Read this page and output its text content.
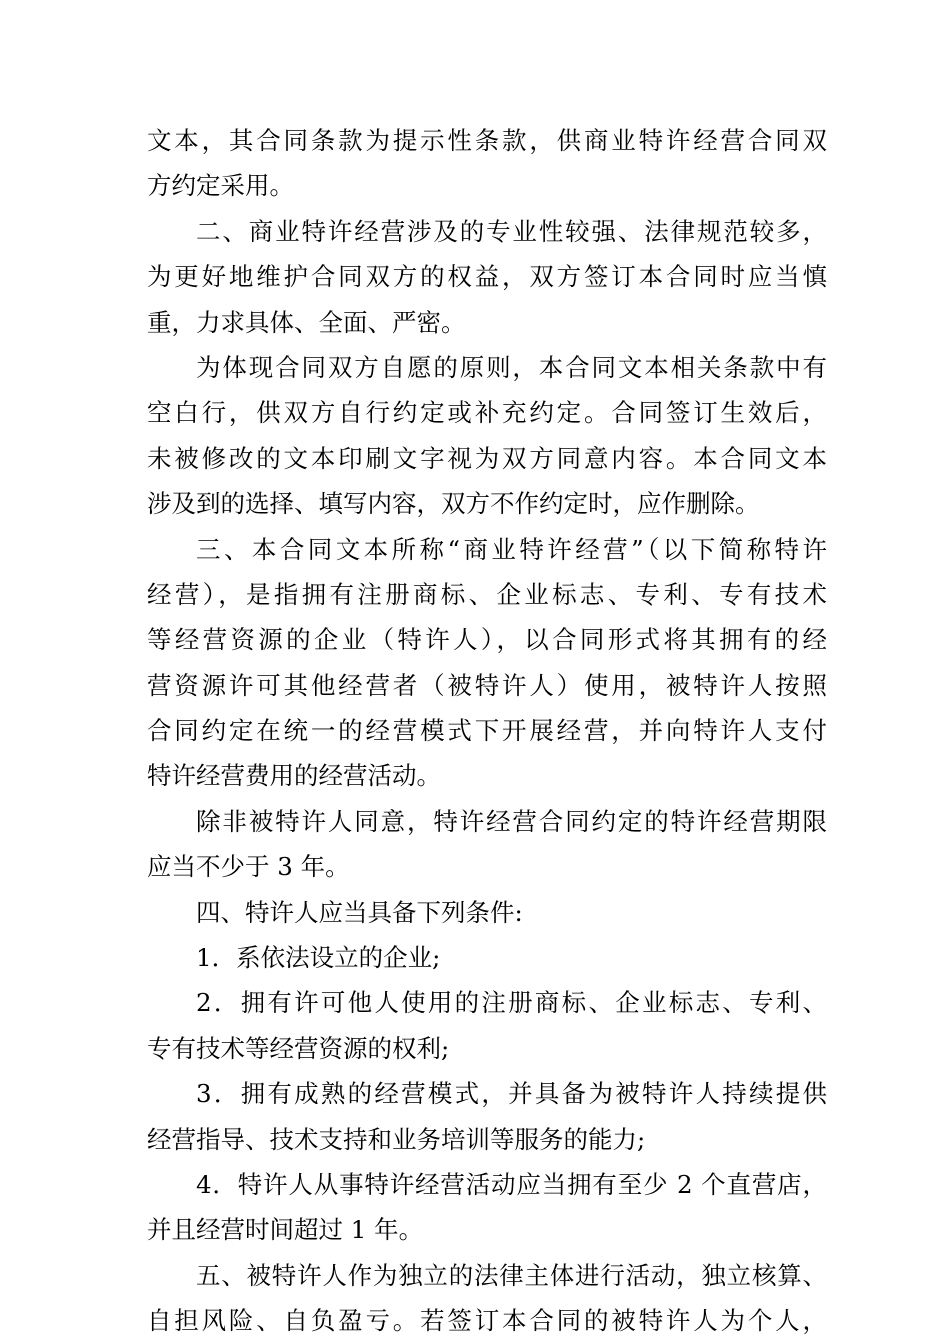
文本，其合同条款为提示性条款，供商业特许经营合同双
方约定采用。
二、商业特许经营涉及的专业性较强、法律规范较多，
为更好地维护合同双方的权益，双方签订本合同时应当慎
重，力求具体、全面、严密。
为体现合同双方自愿的原则，本合同文本相关条款中有
空白行，供双方自行约定或补充约定。合同签订生效后，
未被修改的文本印刷文字视为双方同意内容。本合同文本
涉及到的选择、填写内容，双方不作约定时，应作删除。
三、本合同文本所称“商业特许经营”（以下简称特许
经营），是指拥有注册商标、企业标志、专利、专有技术
等经营资源的企业（特许人），以合同形式将其拥有的经
营资源许可其他经营者（被特许人）使用，被特许人按照
合同约定在统一的经营模式下开展经营，并向特许人支付
特许经营费用的经营活动。
除非被特许人同意，特许经营合同约定的特许经营期限
应当不少于 3 年。
四、特许人应当具备下列条件:
1．系依法设立的企业;
2．拥有许可他人使用的注册商标、企业标志、专利、
专有技术等经营资源的权利;
3．拥有成熟的经营模式，并具备为被特许人持续提供
经营指导、技术支持和业务培训等服务的能力;
4．特许人从事特许经营活动应当拥有至少 2 个直营店，
并且经营时间超过 1 年。
五、被特许人作为独立的法律主体进行活动，独立核算、
自担风险、自负盈亏。若签订本合同的被特许人为个人，
